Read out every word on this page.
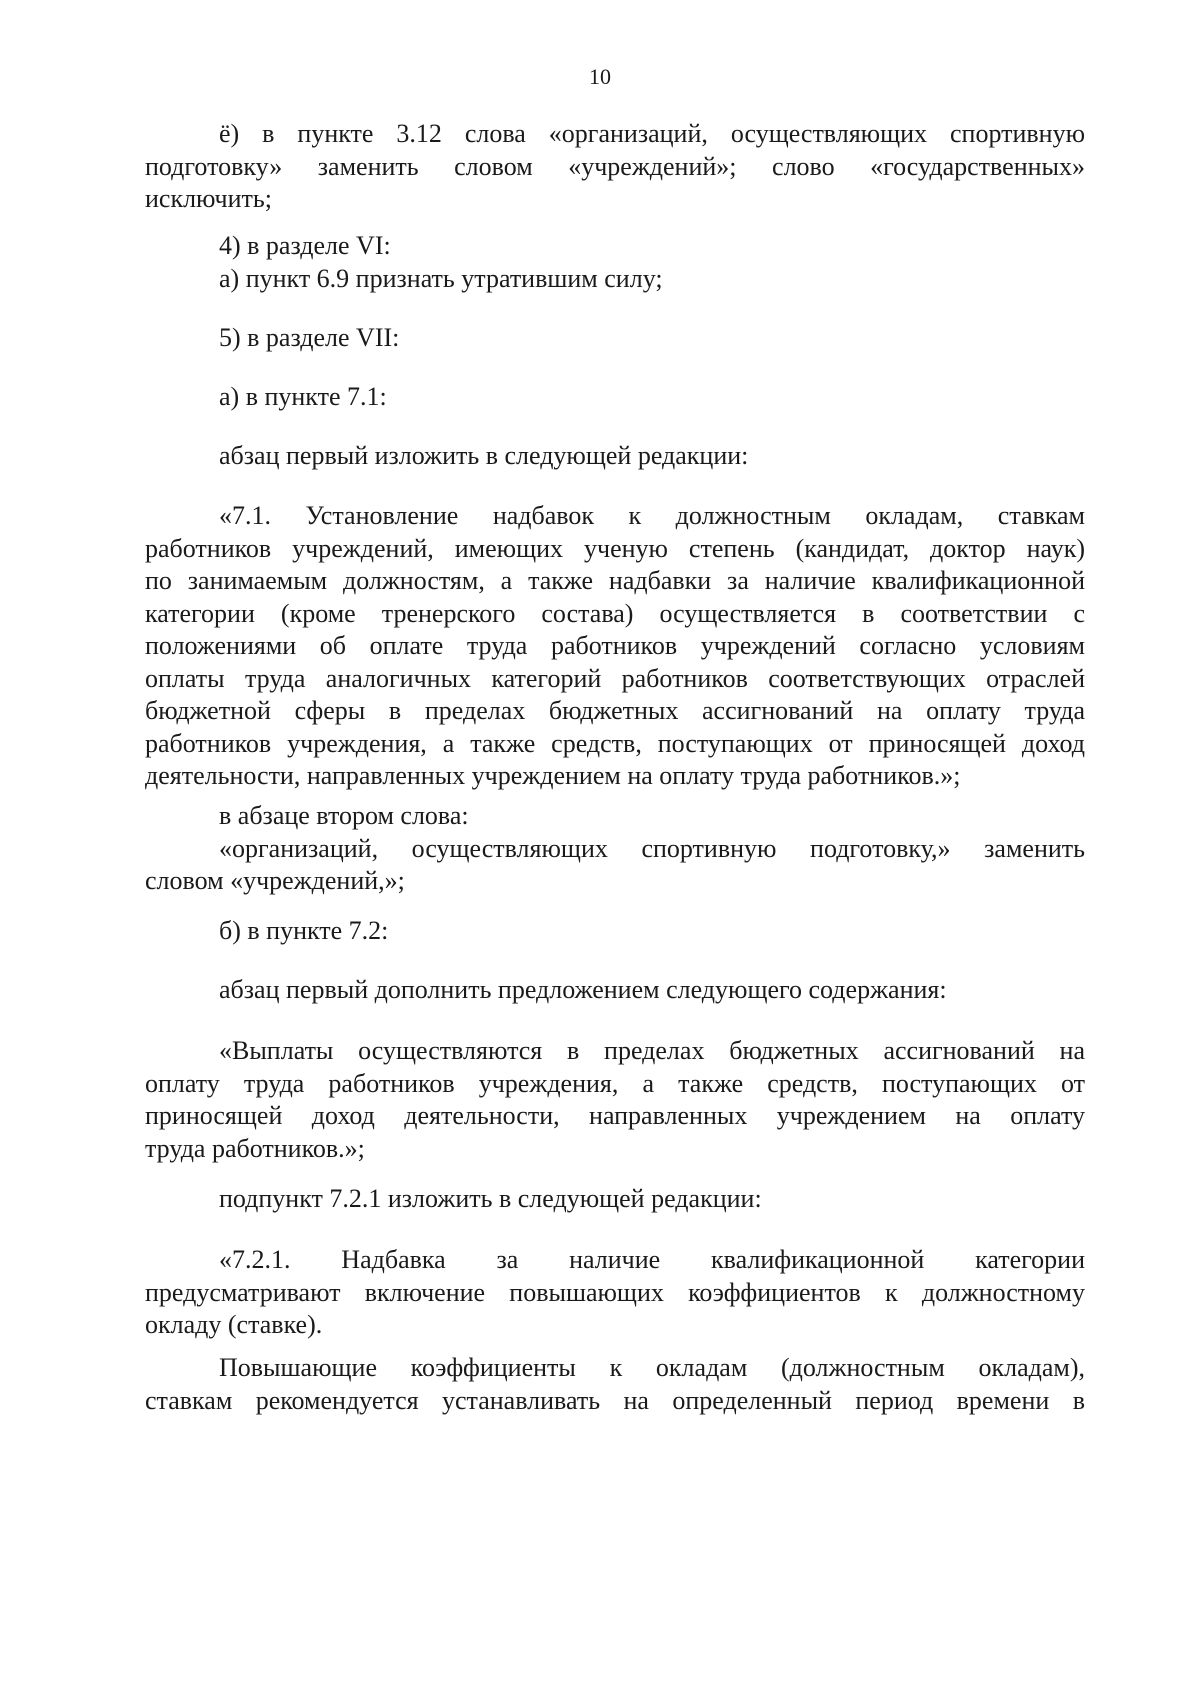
10

ё) в пункте 3.12 слова «организаций, осуществляющих спортивную

подготовку» заменить словом «учреждений»; слово «государственных»

исключить;

4) в разделе VI:

а) пункт 6.9 признать утратившим силу;

5) в разделе VII:

а) в пункте 7.1:

абзац первый изложить в следующей редакции:

«7.1. Установление надбавок к должностным окладам, ставкам

работников учреждений, имеющих ученую степень (кандидат, доктор наук)

по занимаемым должностям, а также надбавки за наличие квалификационной

категории (кроме тренерского состава) осуществляется в соответствии с

положениями об оплате труда работников учреждений согласно условиям

оплаты труда аналогичных категорий работников соответствующих отраслей

бюджетной сферы в пределах бюджетных ассигнований на оплату труда

работников учреждения, а также средств, поступающих от приносящей доход

деятельности, направленных учреждением на оплату труда работников.»;

в абзаце втором слова:

«организаций, осуществляющих спортивную подготовку,» заменить

словом «учреждений,»;

б) в пункте 7.2:

абзац первый дополнить предложением следующего содержания:

«Выплаты осуществляются в пределах бюджетных ассигнований на

оплату труда работников учреждения, а также средств, поступающих от

приносящей доход деятельности, направленных учреждением на оплату

труда работников.»;

подпункт 7.2.1 изложить в следующей редакции:

«7.2.1. Надбавка за наличие квалификационной категории

предусматривают включение повышающих коэффициентов к должностному

окладу (ставке).

Повышающие коэффициенты к окладам (должностным окладам),

ставкам рекомендуется устанавливать на определенный период времени в
